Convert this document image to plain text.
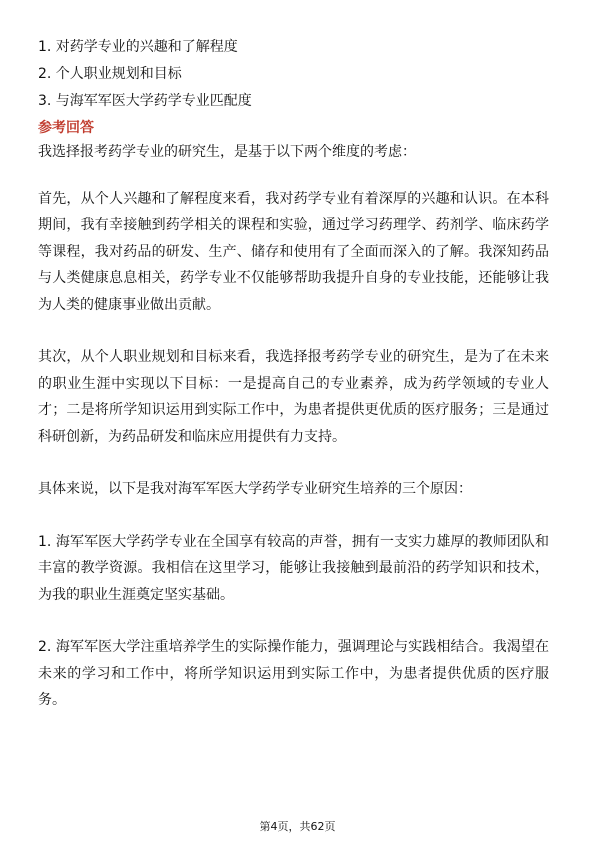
1. 对药学专业的兴趣和了解程度
2. 个人职业规划和目标
3. 与海军军医大学药学专业匹配度
参考回答

我选择报考药学专业的研究生，是基于以下两个维度的考虑：

首先，从个人兴趣和了解程度来看，我对药学专业有着深厚的兴趣和认识。在本科期间，我有幸接触到药学相关的课程和实验，通过学习药理学、药剂学、临床药学等课程，我对药品的研发、生产、储存和使用有了全面而深入的了解。我深知药品与人类健康息息相关，药学专业不仅能够帮助我提升自身的专业技能，还能够让我为人类的健康事业做出贡献。

其次，从个人职业规划和目标来看，我选择报考药学专业的研究生，是为了在未来的职业生涯中实现以下目标：一是提高自己的专业素养，成为药学领域的专业人才；二是将所学知识运用到实际工作中，为患者提供更优质的医疗服务；三是通过科研创新，为药品研发和临床应用提供有力支持。

具体来说，以下是我对海军军医大学药学专业研究生培养的三个原因：

1. 海军军医大学药学专业在全国享有较高的声誉，拥有一支实力雄厚的教师团队和丰富的教学资源。我相信在这里学习，能够让我接触到最前沿的药学知识和技术，为我的职业生涯奠定坚实基础。

2. 海军军医大学注重培养学生的实际操作能力，强调理论与实践相结合。我渴望在未来的学习和工作中，将所学知识运用到实际工作中，为患者提供优质的医疗服务。

第4页，共62页
